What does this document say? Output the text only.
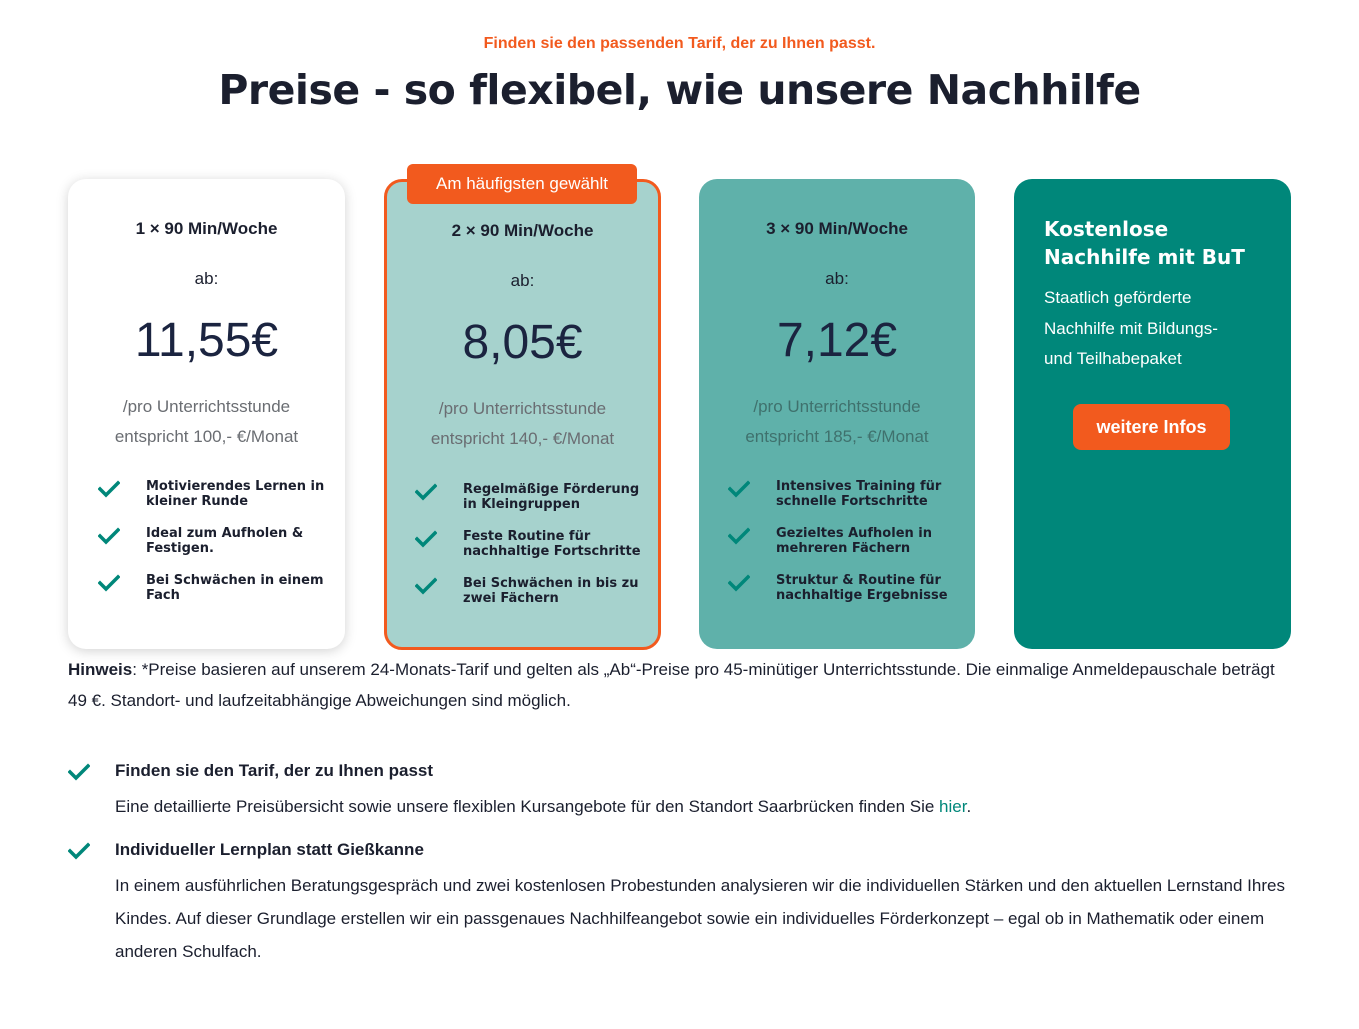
Finden sie den passenden Tarif, der zu Ihnen passt.
Preise - so flexibel, wie unsere Nachhilfe
1 × 90 Min/Woche
ab:
11,55€
/pro Unterrichtsstunde
entspricht 100,- €/Monat
Motivierendes Lernen in
kleiner Runde
Ideal zum Aufholen &
Festigen.
Bei Schwächen in einem
Fach
2 × 90 Min/Woche
ab:
8,05€
/pro Unterrichtsstunde
entspricht 140,- €/Monat
Regelmäßige Förderung
in Kleingruppen
Feste Routine für
nachhaltige Fortschritte
Bei Schwächen in bis zu
zwei Fächern
Am häufigsten gewählt
3 × 90 Min/Woche
ab:
7,12€
/pro Unterrichtsstunde
entspricht 185,- €/Monat
Intensives Training für
schnelle Fortschritte
Gezieltes Aufholen in
mehreren Fächern
Struktur & Routine für
nachhaltige Ergebnisse
Kostenlose
Nachhilfe mit BuT
Staatlich geförderte
Nachhilfe mit Bildungs-
und Teilhabepaket
weitere Infos

Hinweis: *Preise basieren auf unserem 24-Monats-Tarif und gelten als „Ab“-Preise pro 45-minütiger Unterrichtsstunde. Die einmalige Anmeldepauschale beträgt 49 €. Standort- und laufzeitabhängige Abweichungen sind möglich.

Finden sie den Tarif, der zu Ihnen passt
Eine detaillierte Preisübersicht sowie unsere flexiblen Kursangebote für den Standort Saarbrücken finden Sie hier.
Individueller Lernplan statt Gießkanne
In einem ausführlichen Beratungsgespräch und zwei kostenlosen Probestunden analysieren wir die individuellen Stärken und den aktuellen Lernstand Ihres Kindes. Auf dieser Grundlage erstellen wir ein passgenaues Nachhilfeangebot sowie ein individuelles Förderkonzept – egal ob in Mathematik oder einem anderen Schulfach.
